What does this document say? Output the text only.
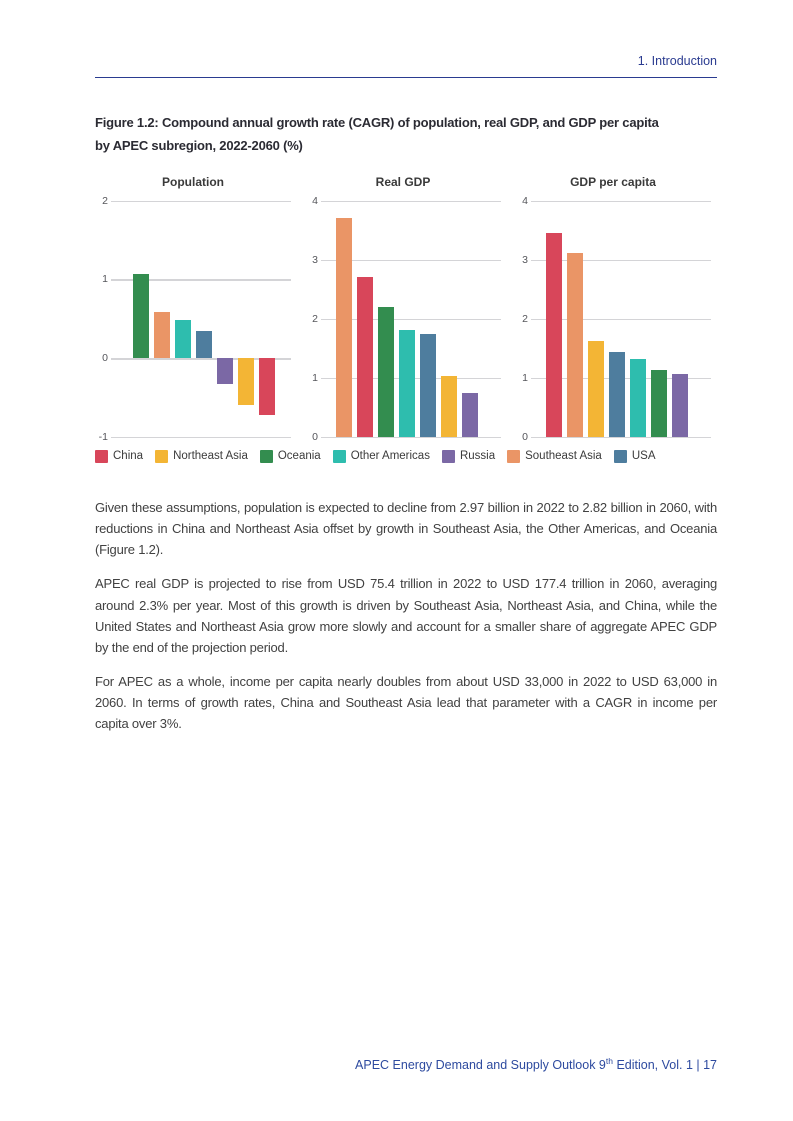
1. Introduction
Figure 1.2: Compound annual growth rate (CAGR) of population, real GDP, and GDP per capita
by APEC subregion, 2022-2060 (%)
Population
2
1
0
-1
Real GDP
4
3
2
1
0
GDP per capita
4
3
2
1
0
China	Northeast Asia	Oceania	Other Americas	Russia	Southeast Asia	USA

Given these assumptions, population is expected to decline from 2.97 billion in 2022 to 2.82 billion in 2060, with reductions in China and Northeast Asia offset by growth in Southeast Asia, the Other Americas, and Oceania (Figure 1.2).

APEC real GDP is projected to rise from USD 75.4 trillion in 2022 to USD 177.4 trillion in 2060, averaging around 2.3% per year. Most of this growth is driven by Southeast Asia, Northeast Asia, and China, while the United States and Northeast Asia grow more slowly and account for a smaller share of aggregate APEC GDP by the end of the projection period.

For APEC as a whole, income per capita nearly doubles from about USD 33,000 in 2022 to USD 63,000 in 2060. In terms of growth rates, China and Southeast Asia lead that parameter with a CAGR in income per capita over 3%.

APEC Energy Demand and Supply Outlook 9th Edition, Vol. 1 | 17
